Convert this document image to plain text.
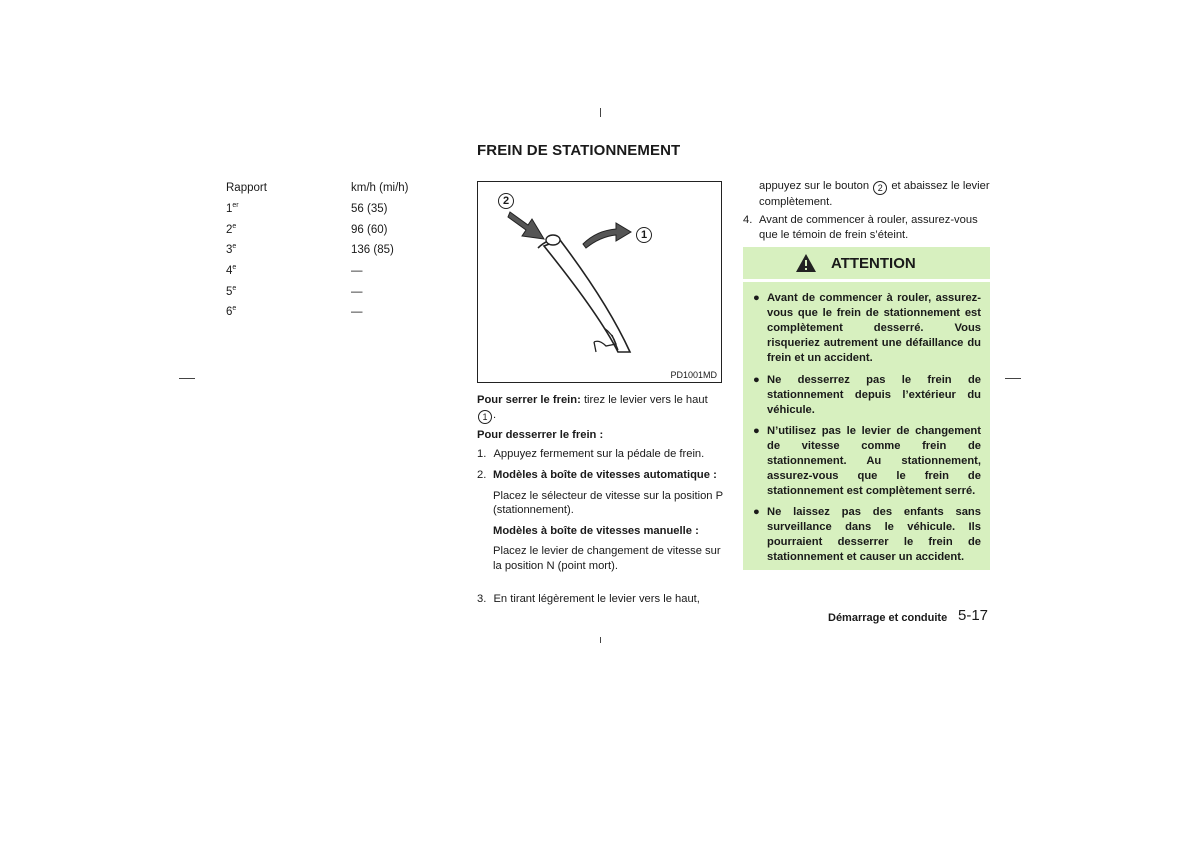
FREIN DE STATIONNEMENT
Rapport	km/h (mi/h)
1er	56 (35)
2e	96 (60)
3e	136 (85)
4e	—
5e	—
6e	—
2
1
PD1001MD
Pour serrer le frein: tirez le levier vers le haut
1 .
Pour desserrer le frein :
1. Appuyez fermement sur la pédale de frein.
2. Modèles à boîte de vitesses automatique :
Placez le sélecteur de vitesse sur la position P (stationnement).
Modèles à boîte de vitesses manuelle :
Placez le levier de changement de vitesse sur la position N (point mort).
3. En tirant légèrement le levier vers le haut,
appuyez sur le bouton 2 et abaissez le levier complètement.
4. Avant de commencer à rouler, assurez-vous que le témoin de frein s’éteint.
ATTENTION
● Avant de commencer à rouler, assurez-vous que le frein de stationnement est complètement desserré. Vous risqueriez autrement une défaillance du frein et un accident.
● Ne desserrez pas le frein de stationnement depuis l’extérieur du véhicule.
● N’utilisez pas le levier de changement de vitesse comme frein de stationnement. Au stationnement, assurez-vous que le frein de stationnement est complètement serré.
● Ne laissez pas des enfants sans surveillance dans le véhicule. Ils pourraient desserrer le frein de stationnement et causer un accident.
Démarrage et conduite 5-17
